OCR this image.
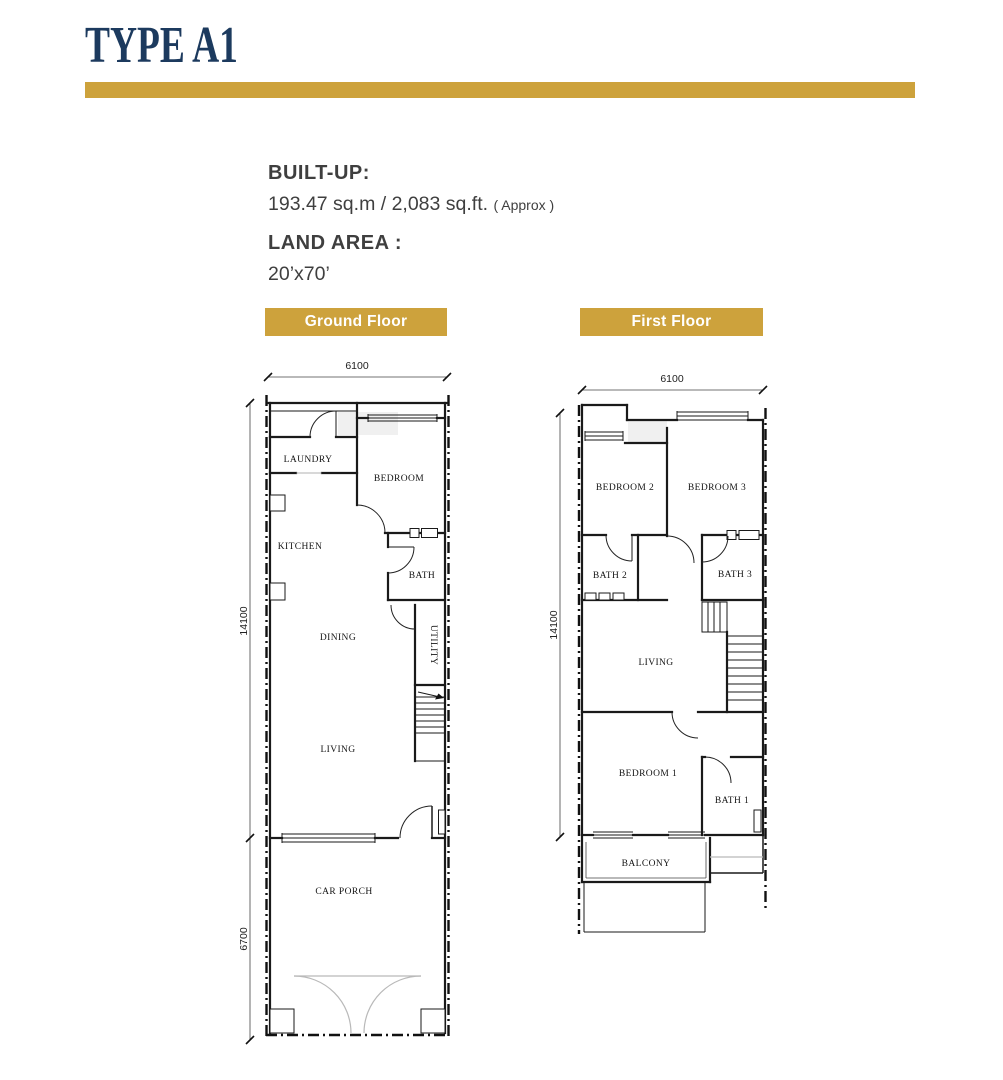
TYPE A1
BUILT-UP:
193.47 sq.m / 2,083 sq.ft. ( Approx )
LAND AREA :
20’x70’
Ground Floor	First Floor
6100
14100
6700
LAUNDRY
BEDROOM
BATH
KITCHEN
UTILITY
DINING
LIVING
CAR PORCH
6100
14100
BEDROOM 2	BEDROOM 3
BATH 2	BATH 3
LIVING
BEDROOM 1
BATH 1
BALCONY
